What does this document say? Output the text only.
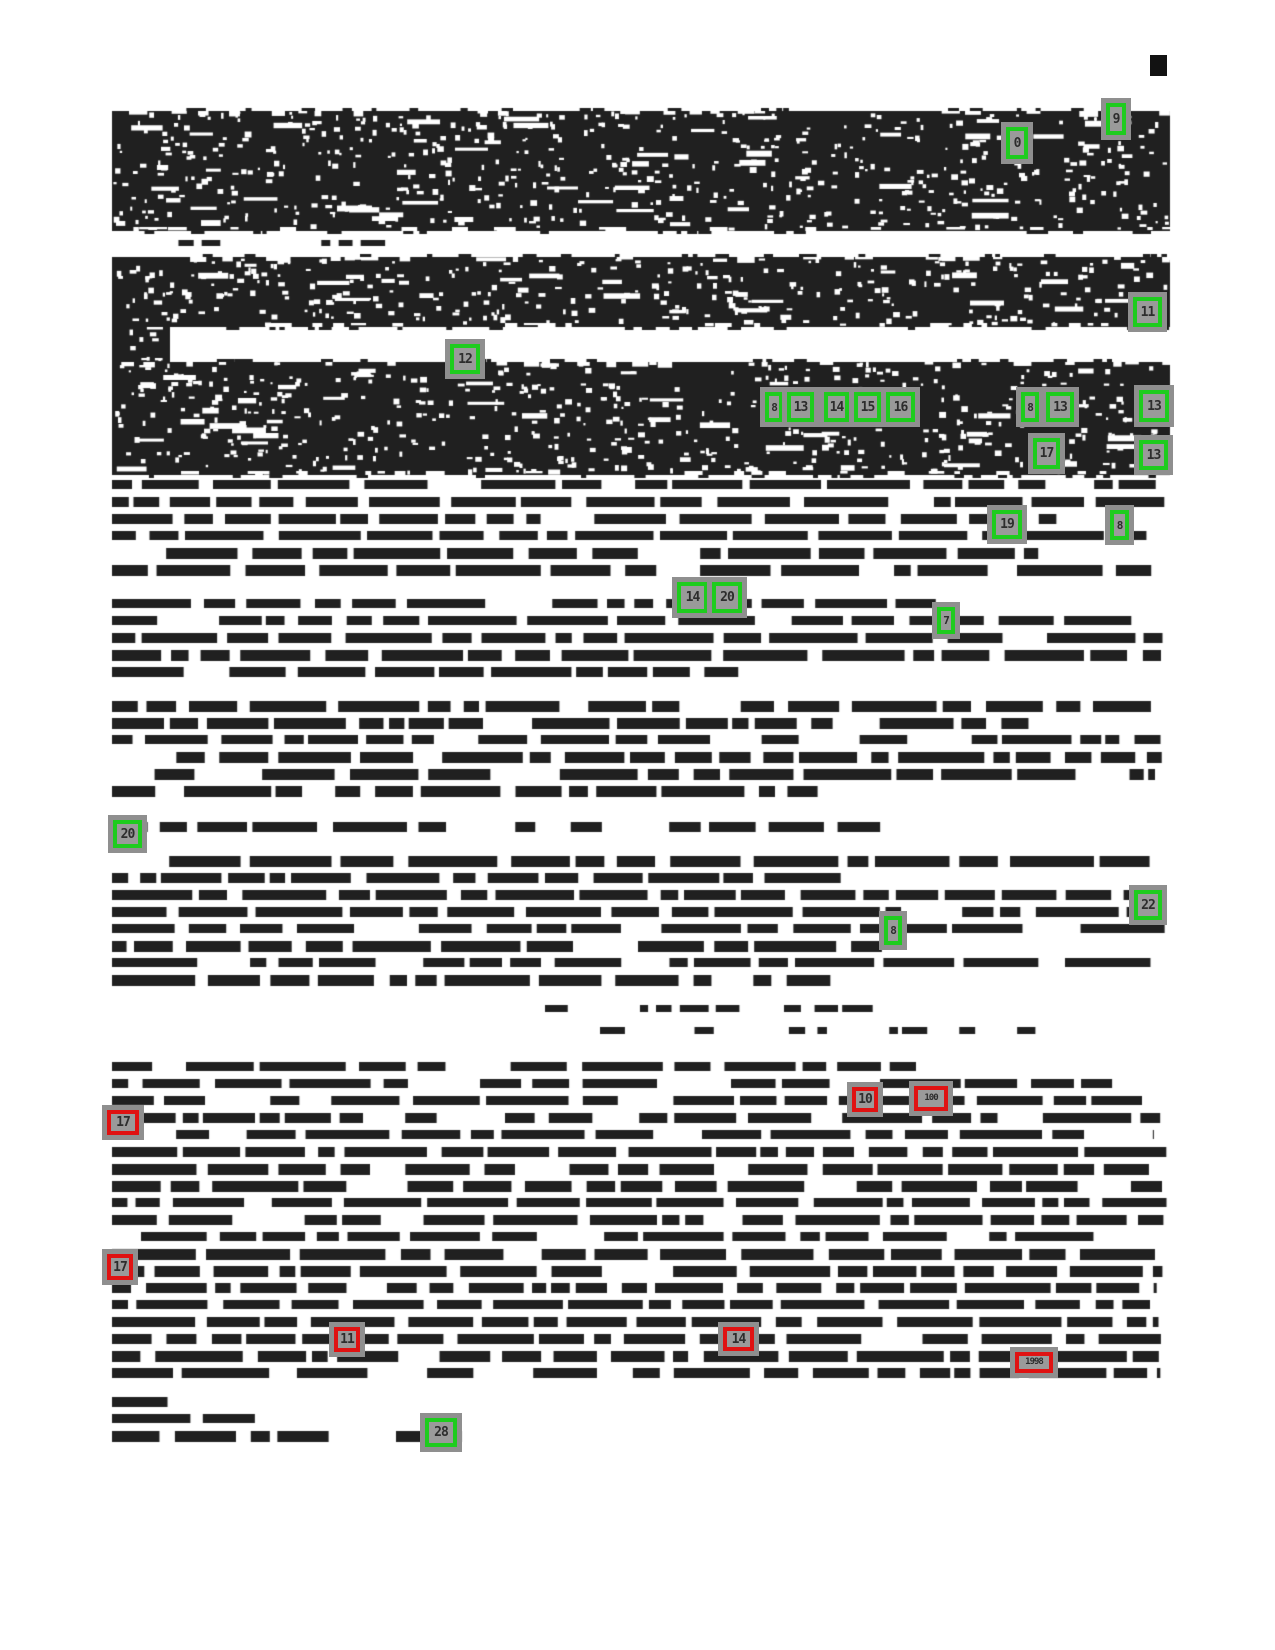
0
9
12
8 13 14 15 16	8 13	13
11
17	13
19	8
14 20
7
20
22
8
28
10	100
17
17
11	14
1998
